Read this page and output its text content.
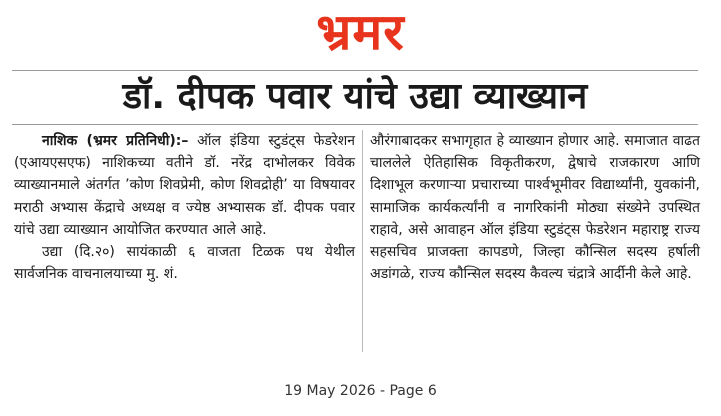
भ्रमर
डॉ. दीपक पवार यांचे उद्या व्याख्यान

नाशिक (भ्रमर प्रतिनिधी):– ऑल इंडिया स्टुडंट्स फेडरेशन (एआयएसएफ) नाशिकच्या वतीने डॉ. नरेंद्र दाभोलकर विवेक व्याख्यानमाले अंतर्गत ’कोण शिवप्रेमी, कोण शिवद्रोही’ या विषयावर मराठी अभ्यास केंद्राचे अध्यक्ष व ज्येष्ठ अभ्यासक डॉ. दीपक पवार यांचे उद्या व्याख्यान आयोजित करण्यात आले आहे.

उद्या (दि.२०) सायंकाळी ६ वाजता टिळक पथ येथील सार्वजनिक वाचनालयाच्या मु. शं.

औरंगाबादकर सभागृहात हे व्याख्यान होणार आहे. समाजात वाढत चाललेले ऐतिहासिक विकृतीकरण, द्वेषाचे राजकारण आणि दिशाभूल करणाऱ्या प्रचाराच्या पार्श्वभूमीवर विद्यार्थ्यांनी, युवकांनी, सामाजिक कार्यकर्त्यांनी व नागरिकांनी मोठ्या संख्येने उपस्थित राहावे, असे आवाहन ऑल इंडिया स्टुडंट्स फेडरेशन महाराष्ट्र राज्य सहसचिव प्राजक्ता कापडणे, जिल्हा कौन्सिल सदस्य हर्षाली अडांगळे, राज्य कौन्सिल सदस्य कैवल्य चंद्रात्रे आर्दीनी केले आहे.

19 May 2026 - Page 6
